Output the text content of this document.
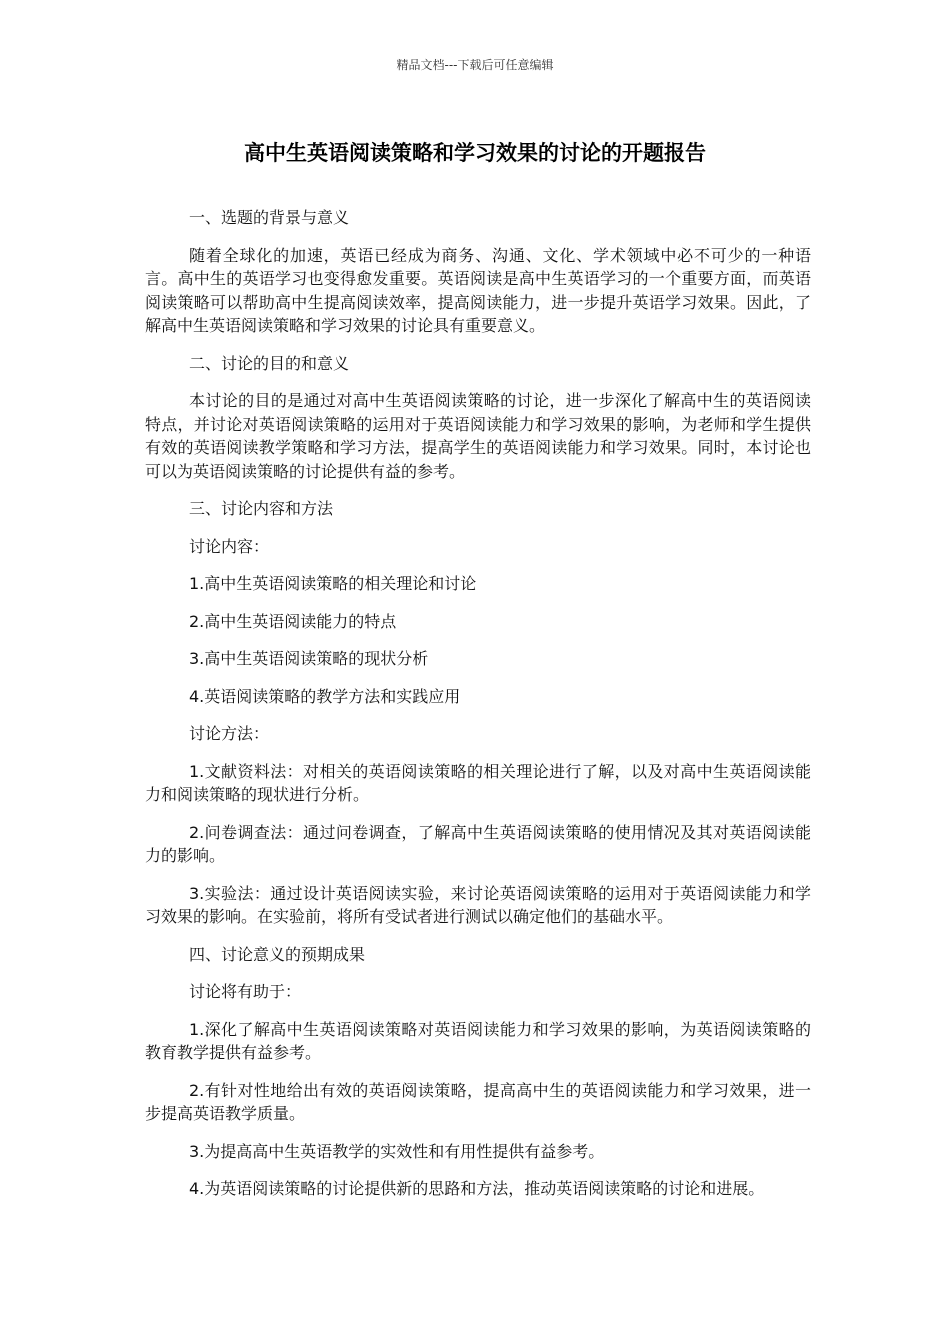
精品文档---下载后可任意编辑
高中生英语阅读策略和学习效果的讨论的开题报告

一、选题的背景与意义

随着全球化的加速，英语已经成为商务、沟通、文化、学术领域中必不可少的一种语言。高中生的英语学习也变得愈发重要。英语阅读是高中生英语学习的一个重要方面，而英语阅读策略可以帮助高中生提高阅读效率，提高阅读能力，进一步提升英语学习效果。因此，了解高中生英语阅读策略和学习效果的讨论具有重要意义。

二、讨论的目的和意义

本讨论的目的是通过对高中生英语阅读策略的讨论，进一步深化了解高中生的英语阅读特点，并讨论对英语阅读策略的运用对于英语阅读能力和学习效果的影响，为老师和学生提供有效的英语阅读教学策略和学习方法，提高学生的英语阅读能力和学习效果。同时，本讨论也可以为英语阅读策略的讨论提供有益的参考。

三、讨论内容和方法

讨论内容：

1.高中生英语阅读策略的相关理论和讨论

2.高中生英语阅读能力的特点

3.高中生英语阅读策略的现状分析

4.英语阅读策略的教学方法和实践应用

讨论方法：

1.文献资料法：对相关的英语阅读策略的相关理论进行了解，以及对高中生英语阅读能力和阅读策略的现状进行分析。

2.问卷调查法：通过问卷调查，了解高中生英语阅读策略的使用情况及其对英语阅读能力的影响。

3.实验法：通过设计英语阅读实验，来讨论英语阅读策略的运用对于英语阅读能力和学习效果的影响。在实验前，将所有受试者进行测试以确定他们的基础水平。

四、讨论意义的预期成果

讨论将有助于：

1.深化了解高中生英语阅读策略对英语阅读能力和学习效果的影响，为英语阅读策略的教育教学提供有益参考。

2.有针对性地给出有效的英语阅读策略，提高高中生的英语阅读能力和学习效果，进一步提高英语教学质量。

3.为提高高中生英语教学的实效性和有用性提供有益参考。

4.为英语阅读策略的讨论提供新的思路和方法，推动英语阅读策略的讨论和进展。
